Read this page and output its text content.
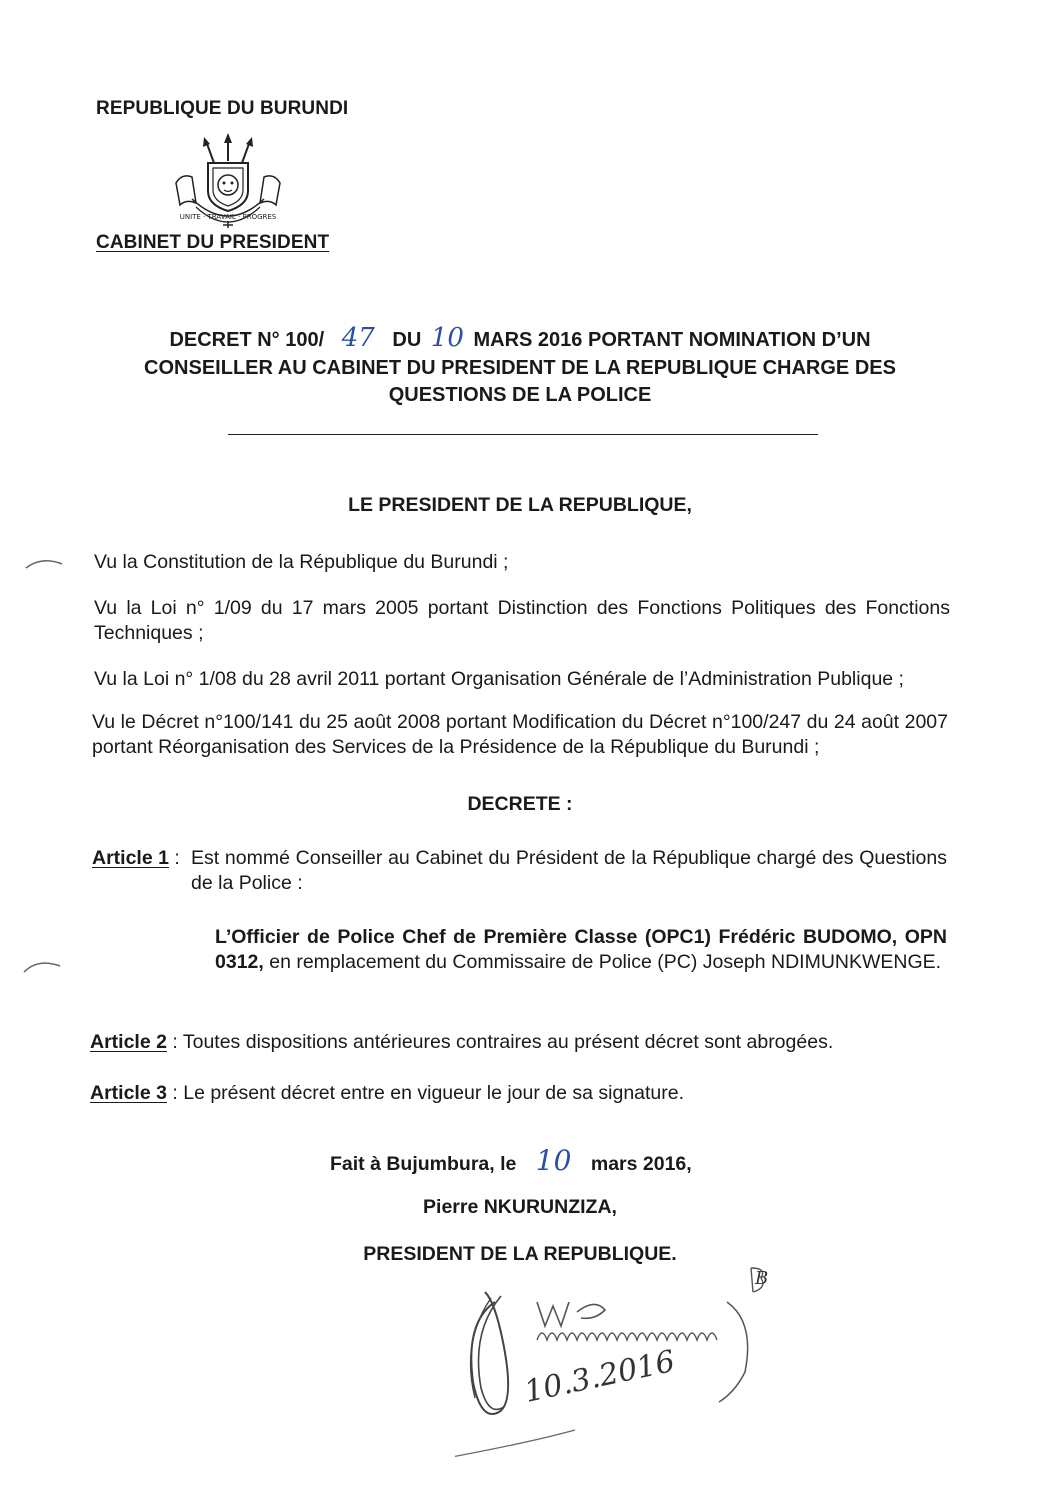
REPUBLIQUE DU BURUNDI
UNITE · TRAVAIL · PROGRES
CABINET DU PRESIDENT
DECRET N° 100/ 47 DU 10 MARS 2016 PORTANT NOMINATION D’UN
CONSEILLER AU CABINET DU PRESIDENT DE LA REPUBLIQUE CHARGE DES
QUESTIONS DE LA POLICE
LE PRESIDENT DE LA REPUBLIQUE,
Vu la Constitution de la République du Burundi ;
Vu la Loi n° 1/09 du 17 mars 2005 portant Distinction des Fonctions Politiques des Fonctions Techniques ;
Vu la Loi n° 1/08 du 28 avril 2011 portant Organisation Générale de l’Administration Publique ;
Vu le Décret n°100/141 du 25 août 2008 portant Modification du Décret n°100/247 du 24 août 2007 portant Réorganisation des Services de la Présidence de la République du Burundi ;
DECRETE :
Article 1 : Est nommé Conseiller au Cabinet du Président de la République chargé des Questions de la Police :
L’Officier de Police Chef de Première Classe (OPC1) Frédéric BUDOMO, OPN 0312, en remplacement du Commissaire de Police (PC) Joseph NDIMUNKWENGE.
Article 2 : Toutes dispositions antérieures contraires au présent décret sont abrogées.
Article 3 : Le présent décret entre en vigueur le jour de sa signature.
Fait à Bujumbura, le 10 mars 2016,
Pierre NKURUNZIZA,
PRESIDENT DE LA REPUBLIQUE.
B
10.3.2016
